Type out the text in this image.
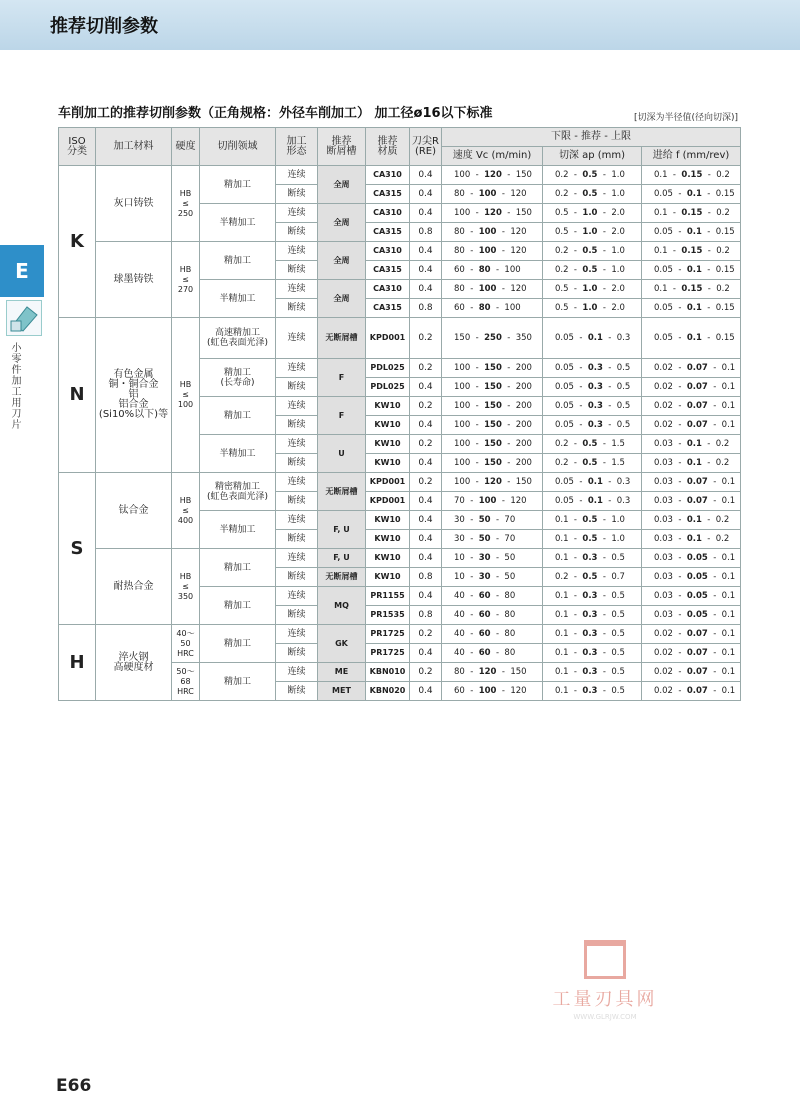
推荐切削参数
E
小零件加工用刀片
车削加工的推荐切削参数（正角规格：外径车削加工） 加工径ø16以下标准	[切深为半径值(径向切深)]
ISO
分类	加工材料	硬度	切削领域	加工
形态	推荐
断屑槽	推荐
材质	刀尖R
(RE)	下限 - 推荐 - 上限		
								速度 Vc (m/min)	切深 ap (mm)	进给 f (mm/rev)
K	灰口铸铁	HB
≤
250	精加工	连续	全周	CA310	0.4	100  -  120  -  150	0.2  -  0.5  -  1.0	0.1  -  0.15  -  0.2
				断续		CA315	0.4	80  -  100  -  120	0.2  -  0.5  -  1.0	0.05  -  0.1  -  0.15
			半精加工	连续	全周	CA310	0.4	100  -  120  -  150	0.5  -  1.0  -  2.0	0.1  -  0.15  -  0.2
				断续		CA315	0.8	80  -  100  -  120	0.5  -  1.0  -  2.0	0.05  -  0.1  -  0.15
	球墨铸铁	HB
≤
270	精加工	连续	全周	CA310	0.4	80  -  100  -  120	0.2  -  0.5  -  1.0	0.1  -  0.15  -  0.2
				断续		CA315	0.4	60  -  80  -  100	0.2  -  0.5  -  1.0	0.05  -  0.1  -  0.15
			半精加工	连续	全周	CA310	0.4	80  -  100  -  120	0.5  -  1.0  -  2.0	0.1  -  0.15  -  0.2
				断续		CA315	0.8	60  -  80  -  100	0.5  -  1.0  -  2.0	0.05  -  0.1  -  0.15
N	有色金属
铜・铜合金
铝
铝合金
(Si10%以下)等	HB
≤
100	高速精加工
(虹色表面光泽)	连续	无断屑槽	KPD001	0.2	150  -  250  -  350	0.05  -  0.1  -  0.3	0.05  -  0.1  -  0.15
			精加工
(长寿命)	连续	F	PDL025	0.2	100  -  150  -  200	0.05  -  0.3  -  0.5	0.02  -  0.07  -  0.1
				断续		PDL025	0.4	100  -  150  -  200	0.05  -  0.3  -  0.5	0.02  -  0.07  -  0.1
			精加工	连续	F	KW10	0.2	100  -  150  -  200	0.05  -  0.3  -  0.5	0.02  -  0.07  -  0.1
				断续		KW10	0.4	100  -  150  -  200	0.05  -  0.3  -  0.5	0.02  -  0.07  -  0.1
			半精加工	连续	U	KW10	0.2	100  -  150  -  200	0.2  -  0.5  -  1.5	0.03  -  0.1  -  0.2
				断续		KW10	0.4	100  -  150  -  200	0.2  -  0.5  -  1.5	0.03  -  0.1  -  0.2
S	钛合金	HB
≤
400	精密精加工
(虹色表面光泽)	连续	无断屑槽	KPD001	0.2	100  -  120  -  150	0.05  -  0.1  -  0.3	0.03  -  0.07  -  0.1
				断续		KPD001	0.4	70  -  100  -  120	0.05  -  0.1  -  0.3	0.03  -  0.07  -  0.1
			半精加工	连续	F, U	KW10	0.4	30  -  50  -  70	0.1  -  0.5  -  1.0	0.03  -  0.1  -  0.2
				断续		KW10	0.4	30  -  50  -  70	0.1  -  0.5  -  1.0	0.03  -  0.1  -  0.2
	耐热合金	HB
≤
350	精加工	连续	F, U	KW10	0.4	10  -  30  -  50	0.1  -  0.3  -  0.5	0.03  -  0.05  -  0.1
				断续	无断屑槽	KW10	0.8	10  -  30  -  50	0.2  -  0.5  -  0.7	0.03  -  0.05  -  0.1
			精加工	连续	MQ	PR1155	0.4	40  -  60  -  80	0.1  -  0.3  -  0.5	0.03  -  0.05  -  0.1
				断续		PR1535	0.8	40  -  60  -  80	0.1  -  0.3  -  0.5	0.03  -  0.05  -  0.1
H	淬火钢
高硬度材	40～50
HRC	精加工	连续	GK	PR1725	0.2	40  -  60  -  80	0.1  -  0.3  -  0.5	0.02  -  0.07  -  0.1
				断续		PR1725	0.4	40  -  60  -  80	0.1  -  0.3  -  0.5	0.02  -  0.07  -  0.1
		50～68
HRC	精加工	连续	ME	KBN010	0.2	80  -  120  -  150	0.1  -  0.3  -  0.5	0.02  -  0.07  -  0.1
				断续	MET	KBN020	0.4	60  -  100  -  120	0.1  -  0.3  -  0.5	0.02  -  0.07  -  0.1
工量刃具网
WWW.GLRJW.COM
E66
